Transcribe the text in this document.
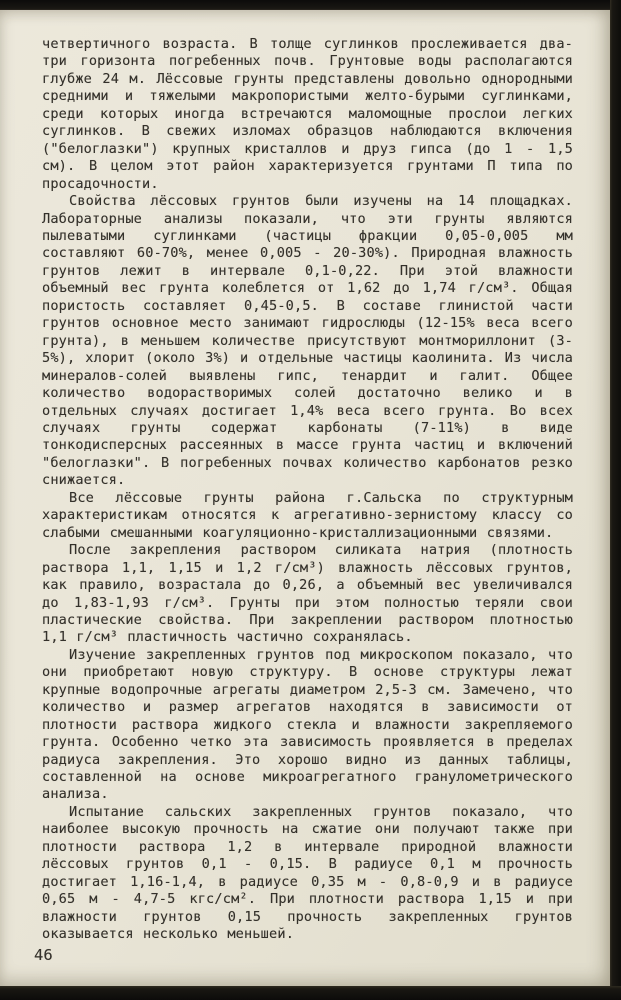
четвертичного возраста. В толще суглинков прослеживается два-три горизонта погребенных почв. Грунтовые воды располагаются глубже 24 м. Лёссовые грунты представлены довольно однородными средними и тяжелыми макропористыми желто-бурыми суглинками, среди которых иногда встречаются маломощные прослои легких суглинков. В свежих изломах образцов наблюдаются включения ("белоглазки") крупных кристаллов и друз гипса (до 1 - 1,5 см). В целом этот район характеризуется грунтами П типа по просадочности.

Свойства лёссовых грунтов были изучены на 14 площадках. Лабораторные анализы показали, что эти грунты являются пылеватыми суглинками (частицы фракции 0,05-0,005 мм составляют 60-70%, менее 0,005 - 20-30%). Природная влажность грунтов лежит в интервале 0,1-0,22. При этой влажности объемный вес грунта колеблется от 1,62 до 1,74 г/см³. Общая пористость составляет 0,45-0,5. В составе глинистой части грунтов основное место занимают гидрослюды (12-15% веса всего грунта), в меньшем количестве присутствуют монтмориллонит (3-5%), хлорит (около 3%) и отдельные частицы каолинита. Из числа минералов-солей выявлены гипс, тенардит и галит. Общее количество водорастворимых солей достаточно велико и в отдельных случаях достигает 1,4% веса всего грунта. Во всех случаях грунты содержат карбонаты (7-11%) в виде тонкодисперсных рассеянных в массе грунта частиц и включений "белоглазки". В погребенных почвах количество карбонатов резко снижается.

Все лёссовые грунты района г.Сальска по структурным характеристикам относятся к агрегативно-зернистому классу со слабыми смешанными коагуляционно-кристаллизационными связями.

После закрепления раствором силиката натрия (плотность раствора 1,1, 1,15 и 1,2 г/см³) влажность лёссовых грунтов, как правило, возрастала до 0,26, а объемный вес увеличивался до 1,83-1,93 г/см³. Грунты при этом полностью теряли свои пластические свойства. При закреплении раствором плотностью 1,1 г/см³ пластичность частично сохранялась.

Изучение закрепленных грунтов под микроскопом показало, что они приобретают новую структуру. В основе структуры лежат крупные водопрочные агрегаты диаметром 2,5-3 см. Замечено, что количество и размер агрегатов находятся в зависимости от плотности раствора жидкого стекла и влажности закрепляемого грунта. Особенно четко эта зависимость проявляется в пределах радиуса закрепления. Это хорошо видно из данных таблицы, составленной на основе микроагрегатного гранулометрического анализа.

Испытание сальских закрепленных грунтов показало, что наиболее высокую прочность на сжатие они получают также при плотности раствора 1,2 в интервале природной влажности лёссовых грунтов 0,1 - 0,15. В радиусе 0,1 м прочность достигает 1,16-1,4, в радиусе 0,35 м - 0,8-0,9 и в радиусе 0,65 м - 4,7-5 кгс/см². При плотности раствора 1,15 и при влажности грунтов 0,15 прочность закрепленных грунтов оказывается несколько меньшей.

46
